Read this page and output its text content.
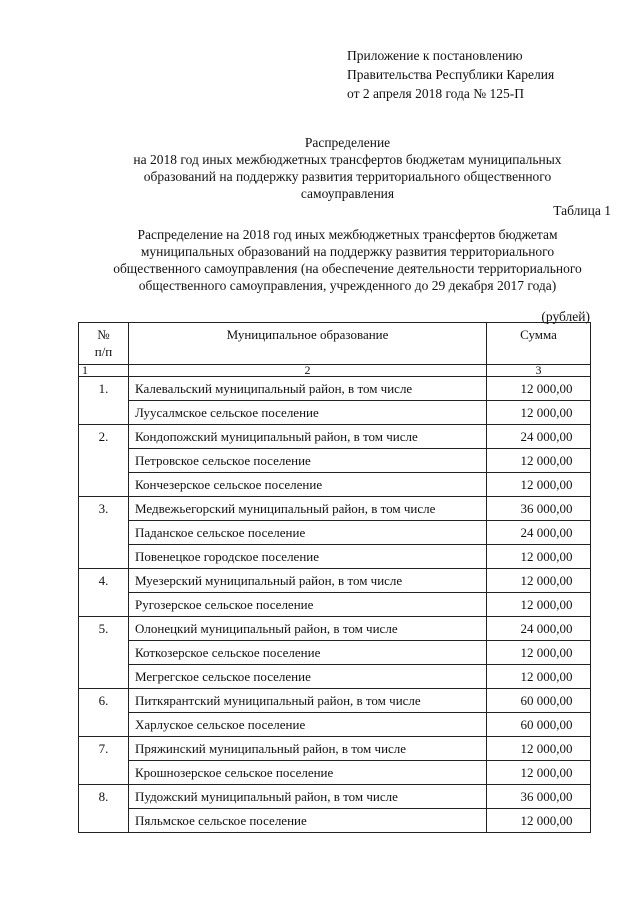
Приложение к постановлению
Правительства Республики Карелия
от 2 апреля 2018 года № 125-П
Распределение
на 2018 год иных межбюджетных трансфертов бюджетам муниципальных
образований на поддержку развития территориального общественного
самоуправления
Таблица 1
Распределение на 2018 год иных межбюджетных трансфертов бюджетам
муниципальных образований на поддержку развития территориального
общественного самоуправления (на обеспечение деятельности территориального
общественного самоуправления, учрежденного до 29 декабря 2017 года)
(рублей)
№
п/п	Муниципальное образование	Сумма
1	2	3
1.	Калевальский муниципальный район, в том числе	12 000,00
	Луусалмское сельское поселение	12 000,00
2.	Кондопожский муниципальный район, в том числе	24 000,00
	Петровское сельское поселение	12 000,00
	Кончезерское сельское поселение	12 000,00
3.	Медвежьегорский муниципальный район, в том числе	36 000,00
	Паданское сельское поселение	24 000,00
	Повенецкое городское поселение	12 000,00
4.	Муезерский муниципальный район, в том числе	12 000,00
	Ругозерское сельское поселение	12 000,00
5.	Олонецкий муниципальный район, в том числе	24 000,00
	Коткозерское сельское поселение	12 000,00
	Мегрегское сельское поселение	12 000,00
6.	Питкярантский муниципальный район, в том числе	60 000,00
	Харлуское сельское поселение	60 000,00
7.	Пряжинский муниципальный район, в том числе	12 000,00
	Крошнозерское сельское поселение	12 000,00
8.	Пудожский муниципальный район, в том числе	36 000,00
	Пяльмское сельское поселение	12 000,00
